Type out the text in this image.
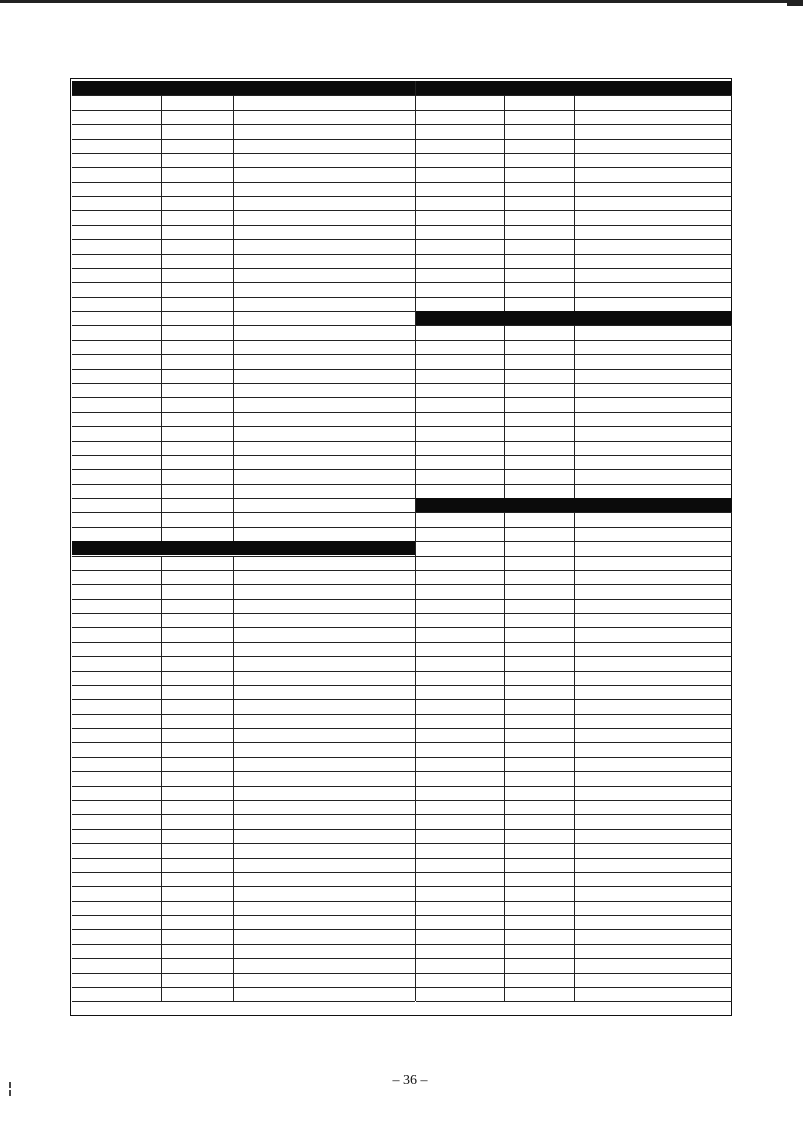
– 36 –
